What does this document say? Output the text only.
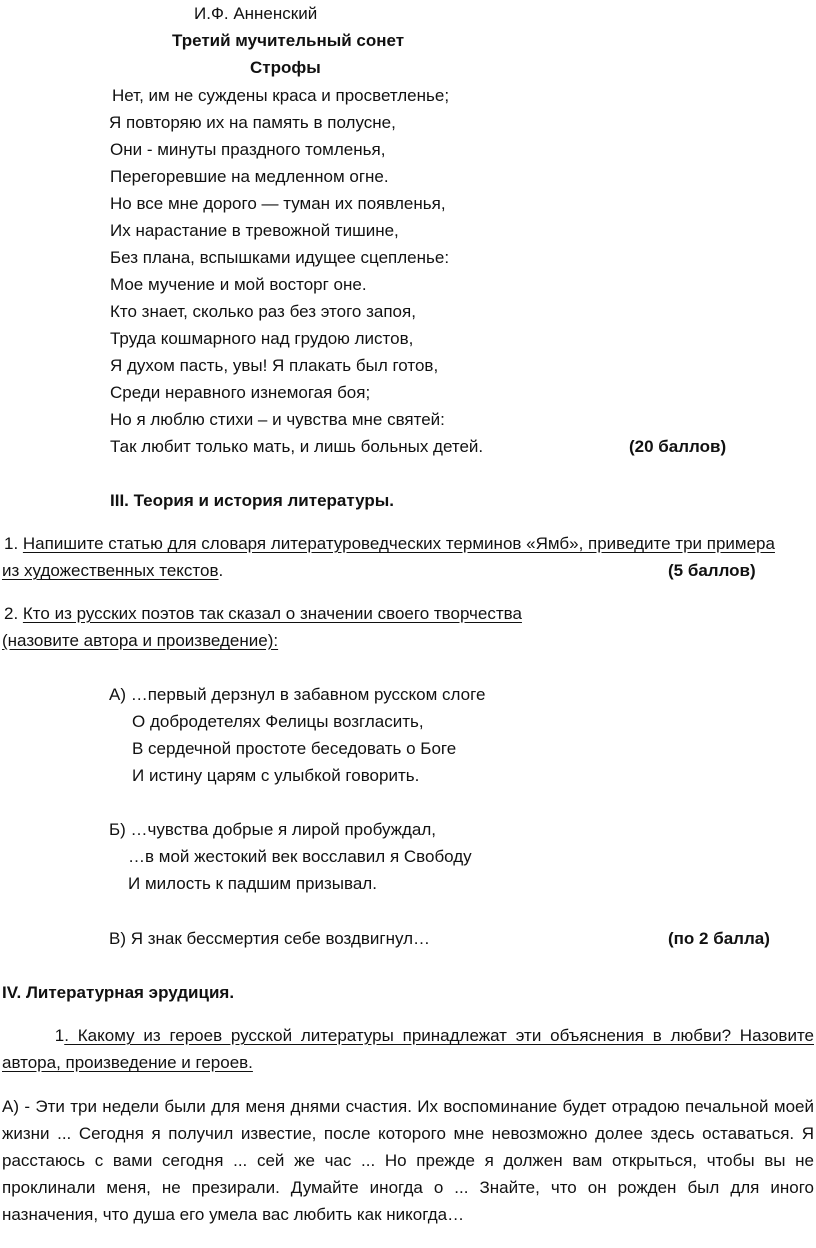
И.Ф. Анненский
Третий мучительный сонет
Строфы
Нет, им не суждены краса и просветленье;
Я повторяю их на память в полусне,
Они - минуты праздного томленья,
Перегоревшие на медленном огне.
Но все мне дорого — туман их появленья,
Их нарастание в тревожной тишине,
Без плана, вспышками идущее сцепленье:
Мое мучение и мой восторг оне.
Кто знает, сколько раз без этого запоя,
Труда кошмарного над грудою листов,
Я духом пасть, увы! Я плакать был готов,
Среди неравного изнемогая боя;
Но я люблю стихи – и чувства мне святей:
Так любит только мать, и лишь больных детей.	(20 баллов)
III. Теория и история литературы.
1. Напишите статью для словаря литературоведческих терминов «Ямб», приведите три примера
из художественных текстов.	(5 баллов)
2. Кто из русских поэтов так сказал о значении своего творчества
(назовите автора и произведение):
А) …первый дерзнул в забавном русском слоге
О добродетелях Фелицы возгласить,
В сердечной простоте беседовать о Боге
И истину царям с улыбкой говорить.
Б) …чувства добрые я лирой пробуждал,
…в мой жестокий век восславил я Свободу
И милость к падшим призывал.
В) Я знак бессмертия себе воздвигнул…	(по 2 балла)
IV. Литературная эрудиция.
1. Какому из героев русской литературы принадлежат эти объяснения в любви? Назовите
автора, произведение и героев.
А) - Эти три недели были для меня днями счастия. Их воспоминание будет отрадою печальной моей
жизни ... Сегодня я получил известие, после которого мне невозможно долее здесь оставаться. Я
расстаюсь с вами сегодня ... сей же час ... Но прежде я должен вам открыться, чтобы вы не
проклинали меня, не презирали. Думайте иногда о ... Знайте, что он рожден был для иного
назначения, что душа его умела вас любить как никогда…
